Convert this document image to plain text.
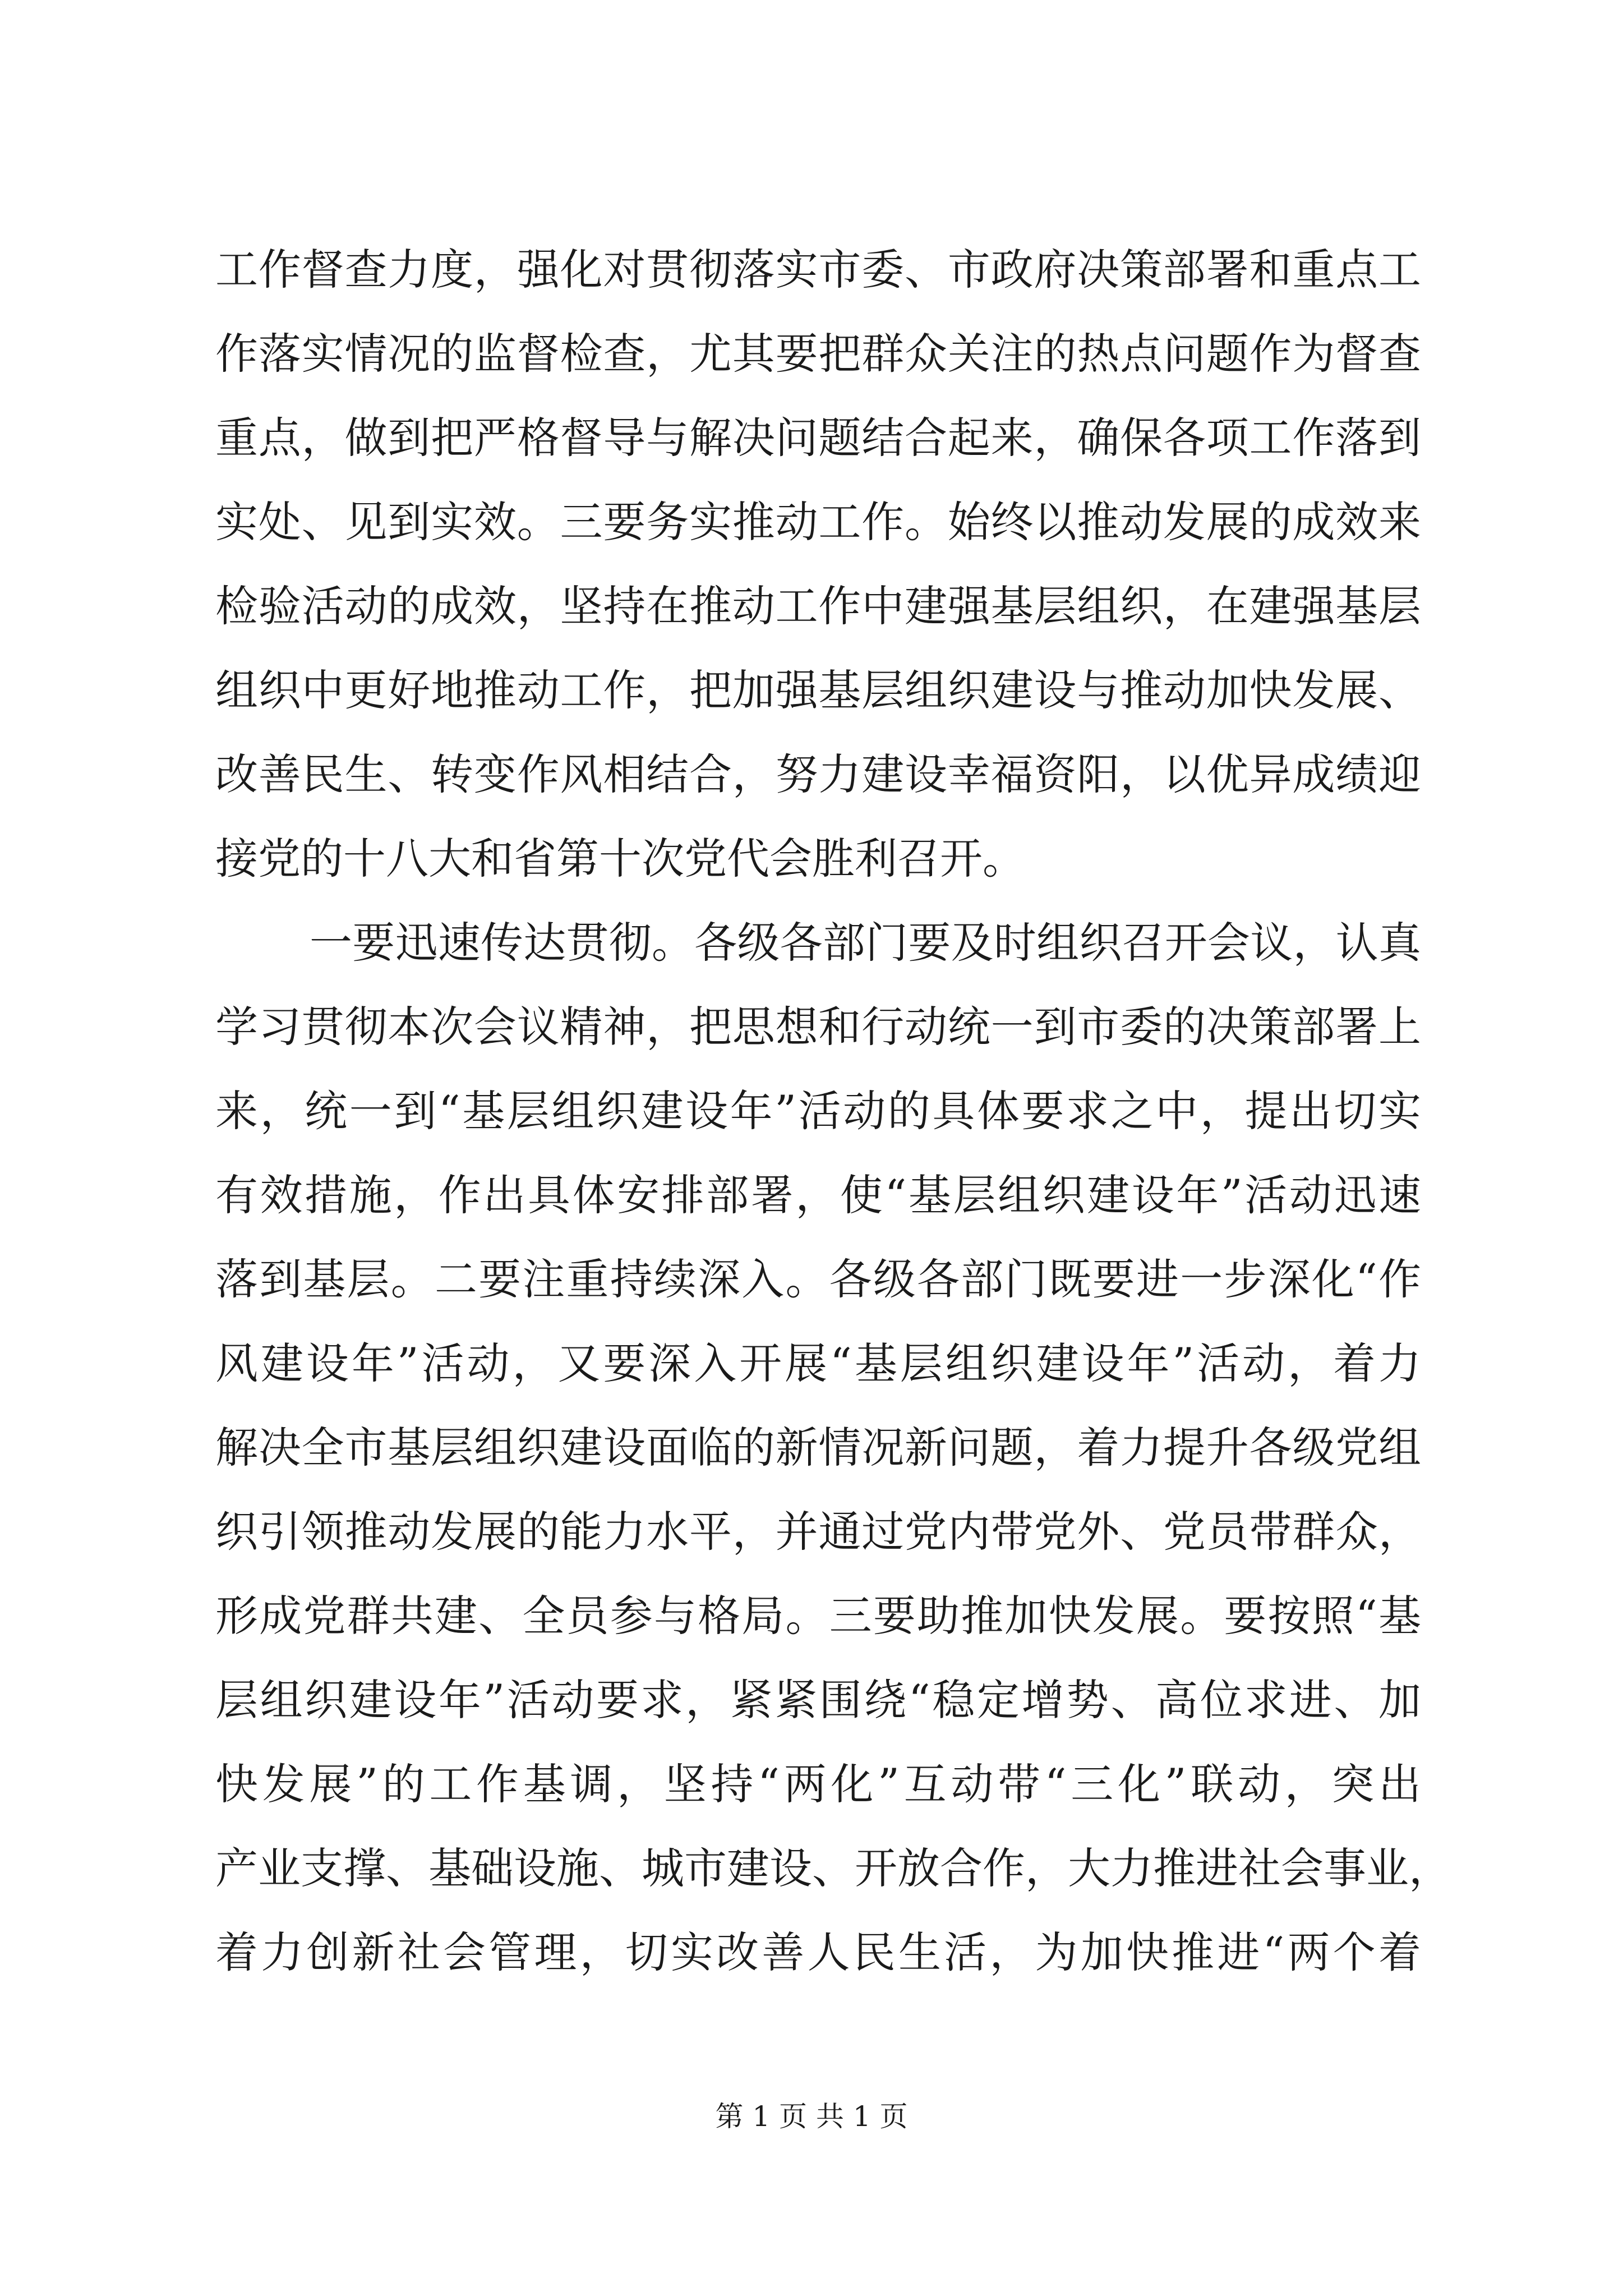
工作督查力度，强化对贯彻落实市委、市政府决策部署和重点工
作落实情况的监督检查，尤其要把群众关注的热点问题作为督查
重点，做到把严格督导与解决问题结合起来，确保各项工作落到
实处、见到实效。三要务实推动工作。始终以推动发展的成效来
检验活动的成效，坚持在推动工作中建强基层组织，在建强基层
组织中更好地推动工作，把加强基层组织建设与推动加快发展、
改善民生、转变作风相结合，努力建设幸福资阳，以优异成绩迎
接党的十八大和省第十次党代会胜利召开。
一要迅速传达贯彻。各级各部门要及时组织召开会议，认真
学习贯彻本次会议精神，把思想和行动统一到市委的决策部署上
来，统一到“基层组织建设年”活动的具体要求之中，提出切实
有效措施，作出具体安排部署，使“基层组织建设年”活动迅速
落到基层。二要注重持续深入。各级各部门既要进一步深化“作
风建设年”活动，又要深入开展“基层组织建设年”活动，着力
解决全市基层组织建设面临的新情况新问题，着力提升各级党组
织引领推动发展的能力水平，并通过党内带党外、党员带群众，
形成党群共建、全员参与格局。三要助推加快发展。要按照“基
层组织建设年”活动要求，紧紧围绕“稳定增势、高位求进、加
快发展”的工作基调，坚持“两化”互动带“三化”联动，突出
产业支撑、基础设施、城市建设、开放合作，大力推进社会事业，
着力创新社会管理，切实改善人民生活，为加快推进“两个着
第 1 页 共 1 页
